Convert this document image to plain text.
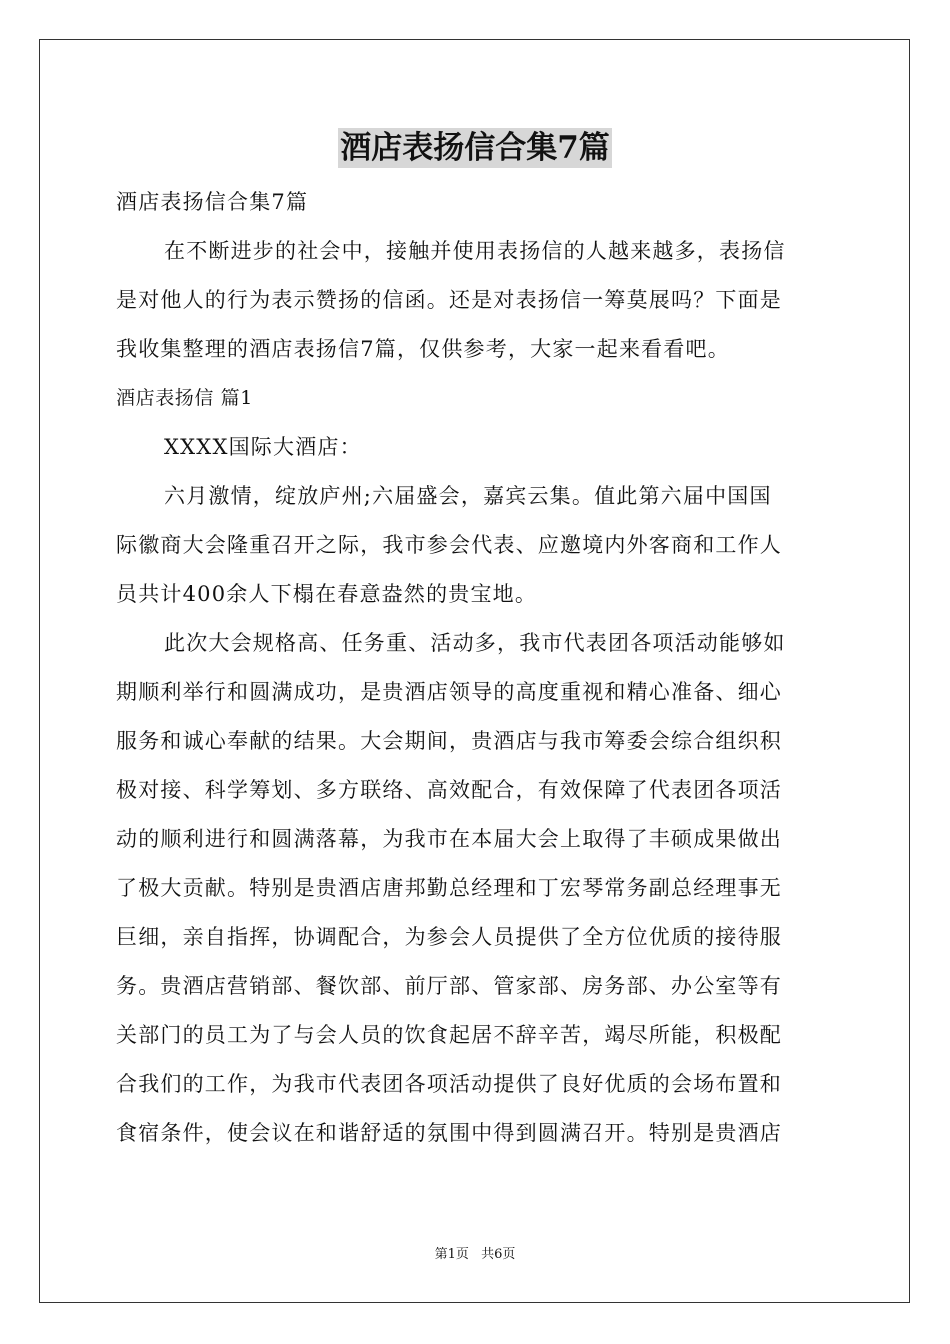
酒店表扬信合集7篇
酒店表扬信合集7篇
在不断进步的社会中，接触并使用表扬信的人越来越多，表扬信
是对他人的行为表示赞扬的信函。还是对表扬信一筹莫展吗？下面是
我收集整理的酒店表扬信7篇，仅供参考，大家一起来看看吧。
酒店表扬信 篇1
XXXX国际大酒店：
六月激情，绽放庐州;六届盛会，嘉宾云集。值此第六届中国国
际徽商大会隆重召开之际，我市参会代表、应邀境内外客商和工作人
员共计400余人下榻在春意盎然的贵宝地。
此次大会规格高、任务重、活动多，我市代表团各项活动能够如
期顺利举行和圆满成功，是贵酒店领导的高度重视和精心准备、细心
服务和诚心奉献的结果。大会期间，贵酒店与我市筹委会综合组织积
极对接、科学筹划、多方联络、高效配合，有效保障了代表团各项活
动的顺利进行和圆满落幕，为我市在本届大会上取得了丰硕成果做出
了极大贡献。特别是贵酒店唐邦勤总经理和丁宏琴常务副总经理事无
巨细，亲自指挥，协调配合，为参会人员提供了全方位优质的接待服
务。贵酒店营销部、餐饮部、前厅部、管家部、房务部、办公室等有
关部门的员工为了与会人员的饮食起居不辞辛苦，竭尽所能，积极配
合我们的工作，为我市代表团各项活动提供了良好优质的会场布置和
食宿条件，使会议在和谐舒适的氛围中得到圆满召开。特别是贵酒店
第1页 共6页
